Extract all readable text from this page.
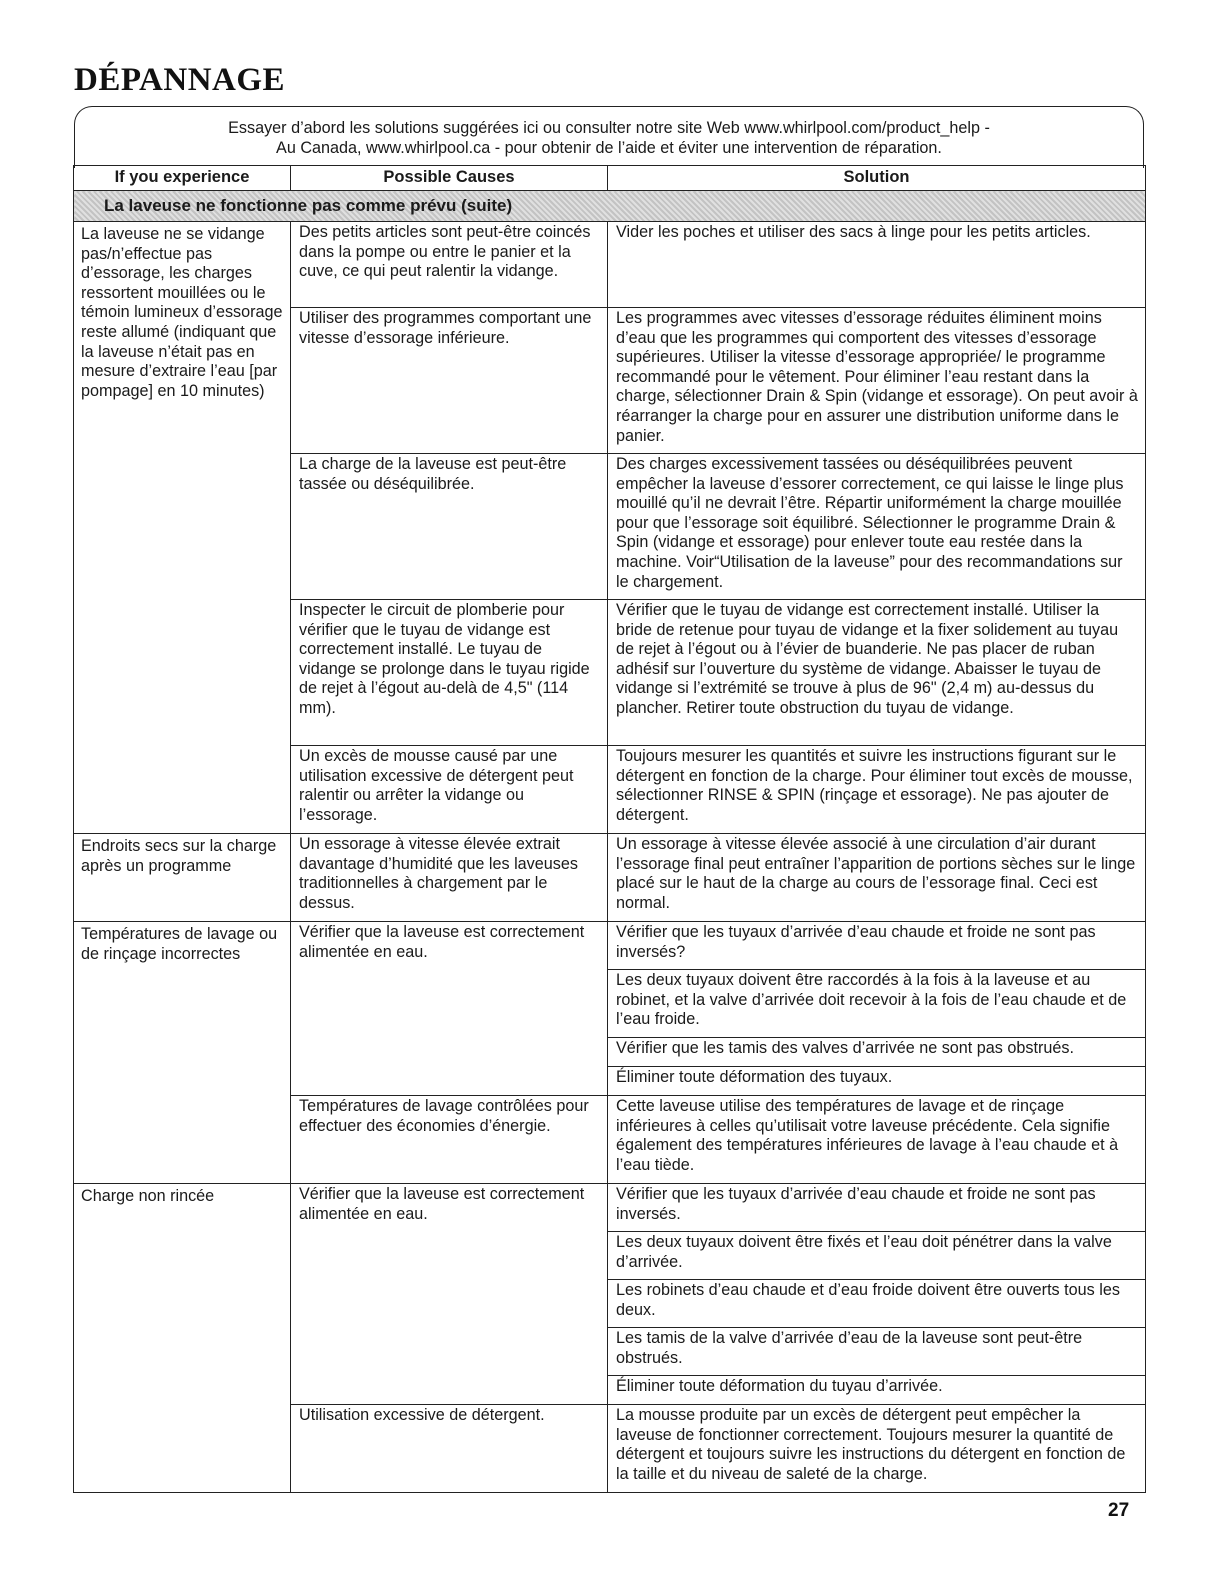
DÉPANNAGE
Essayer d’abord les solutions suggérées ici ou consulter notre site Web www.whirlpool.com/product_help -
Au Canada, www.whirlpool.ca - pour obtenir de l’aide et éviter une intervention de réparation.
If you experience	Possible Causes	Solution
La laveuse ne fonctionne pas comme prévu (suite)		
La laveuse ne se vidange pas/n’effectue pas d’essorage, les charges ressortent mouillées ou le témoin lumineux d’essorage reste allumé (indiquant que la laveuse n’était pas en mesure d’extraire l’eau [par pompage] en 10 minutes)	Des petits articles sont peut-être coincés dans la pompe ou entre le panier et la cuve, ce qui peut ralentir la vidange.	Vider les poches et utiliser des sacs à linge pour les petits articles.
	Utiliser des programmes comportant une vitesse d’essorage inférieure.	Les programmes avec vitesses d’essorage réduites éliminent moins d’eau que les programmes qui comportent des vitesses d’essorage supérieures. Utiliser la vitesse d’essorage appropriée/ le programme recommandé pour le vêtement. Pour éliminer l’eau restant dans la charge, sélectionner Drain & Spin (vidange et essorage). On peut avoir à réarranger la charge pour en assurer une distribution uniforme dans le panier.
	La charge de la laveuse est peut-être tassée ou déséquilibrée.	Des charges excessivement tassées ou déséquilibrées peuvent empêcher la laveuse d’essorer correctement, ce qui laisse le linge plus mouillé qu’il ne devrait l’être. Répartir uniformément la charge mouillée pour que l’essorage soit équilibré. Sélectionner le programme Drain & Spin (vidange et essorage) pour enlever toute eau restée dans la machine. Voir“Utilisation de la laveuse” pour des recommandations sur le chargement.
	Inspecter le circuit de plomberie pour vérifier que le tuyau de vidange est correctement installé. Le tuyau de vidange se prolonge dans le tuyau rigide de rejet à l’égout au-delà de 4,5" (114 mm).	Vérifier que le tuyau de vidange est correctement installé. Utiliser la bride de retenue pour tuyau de vidange et la fixer solidement au tuyau de rejet à l’égout ou à l’évier de buanderie. Ne pas placer de ruban adhésif sur l’ouverture du système de vidange. Abaisser le tuyau de vidange si l’extrémité se trouve à plus de 96" (2,4 m) au-dessus du plancher. Retirer toute obstruction du tuyau de vidange.
	Un excès de mousse causé par une utilisation excessive de détergent peut ralentir ou arrêter la vidange ou l’essorage.	Toujours mesurer les quantités et suivre les instructions figurant sur le détergent en fonction de la charge. Pour éliminer tout excès de mousse, sélectionner RINSE & SPIN (rinçage et essorage). Ne pas ajouter de détergent.
Endroits secs sur la charge après un programme	Un essorage à vitesse élevée extrait davantage d’humidité que les laveuses traditionnelles à chargement par le dessus.	Un essorage à vitesse élevée associé à une circulation d’air durant l’essorage final peut entraîner l’apparition de portions sèches sur le linge placé sur le haut de la charge au cours de l’essorage final. Ceci est normal.
Températures de lavage ou de rinçage incorrectes	Vérifier que la laveuse est correctement alimentée en eau.	Vérifier que les tuyaux d’arrivée d’eau chaude et froide ne sont pas inversés?
		Les deux tuyaux doivent être raccordés à la fois à la laveuse et au robinet, et la valve d’arrivée doit recevoir à la fois de l’eau chaude et de l’eau froide.
		Vérifier que les tamis des valves d’arrivée ne sont pas obstrués.
		Éliminer toute déformation des tuyaux.
	Températures de lavage contrôlées pour effectuer des économies d’énergie.	Cette laveuse utilise des températures de lavage et de rinçage inférieures à celles qu’utilisait votre laveuse précédente. Cela signifie également des températures inférieures de lavage à l’eau chaude et à l’eau tiède.
Charge non rincée	Vérifier que la laveuse est correctement alimentée en eau.	Vérifier que les tuyaux d’arrivée d’eau chaude et froide ne sont pas inversés.
		Les deux tuyaux doivent être fixés et l’eau doit pénétrer dans la valve d’arrivée.
		Les robinets d’eau chaude et d’eau froide doivent être ouverts tous les deux.
		Les tamis de la valve d’arrivée d’eau de la laveuse sont peut-être obstrués.
		Éliminer toute déformation du tuyau d’arrivée.
	Utilisation excessive de détergent.	La mousse produite par un excès de détergent peut empêcher la laveuse de fonctionner correctement. Toujours mesurer la quantité de détergent et toujours suivre les instructions du détergent en fonction de la taille et du niveau de saleté de la charge.
27
